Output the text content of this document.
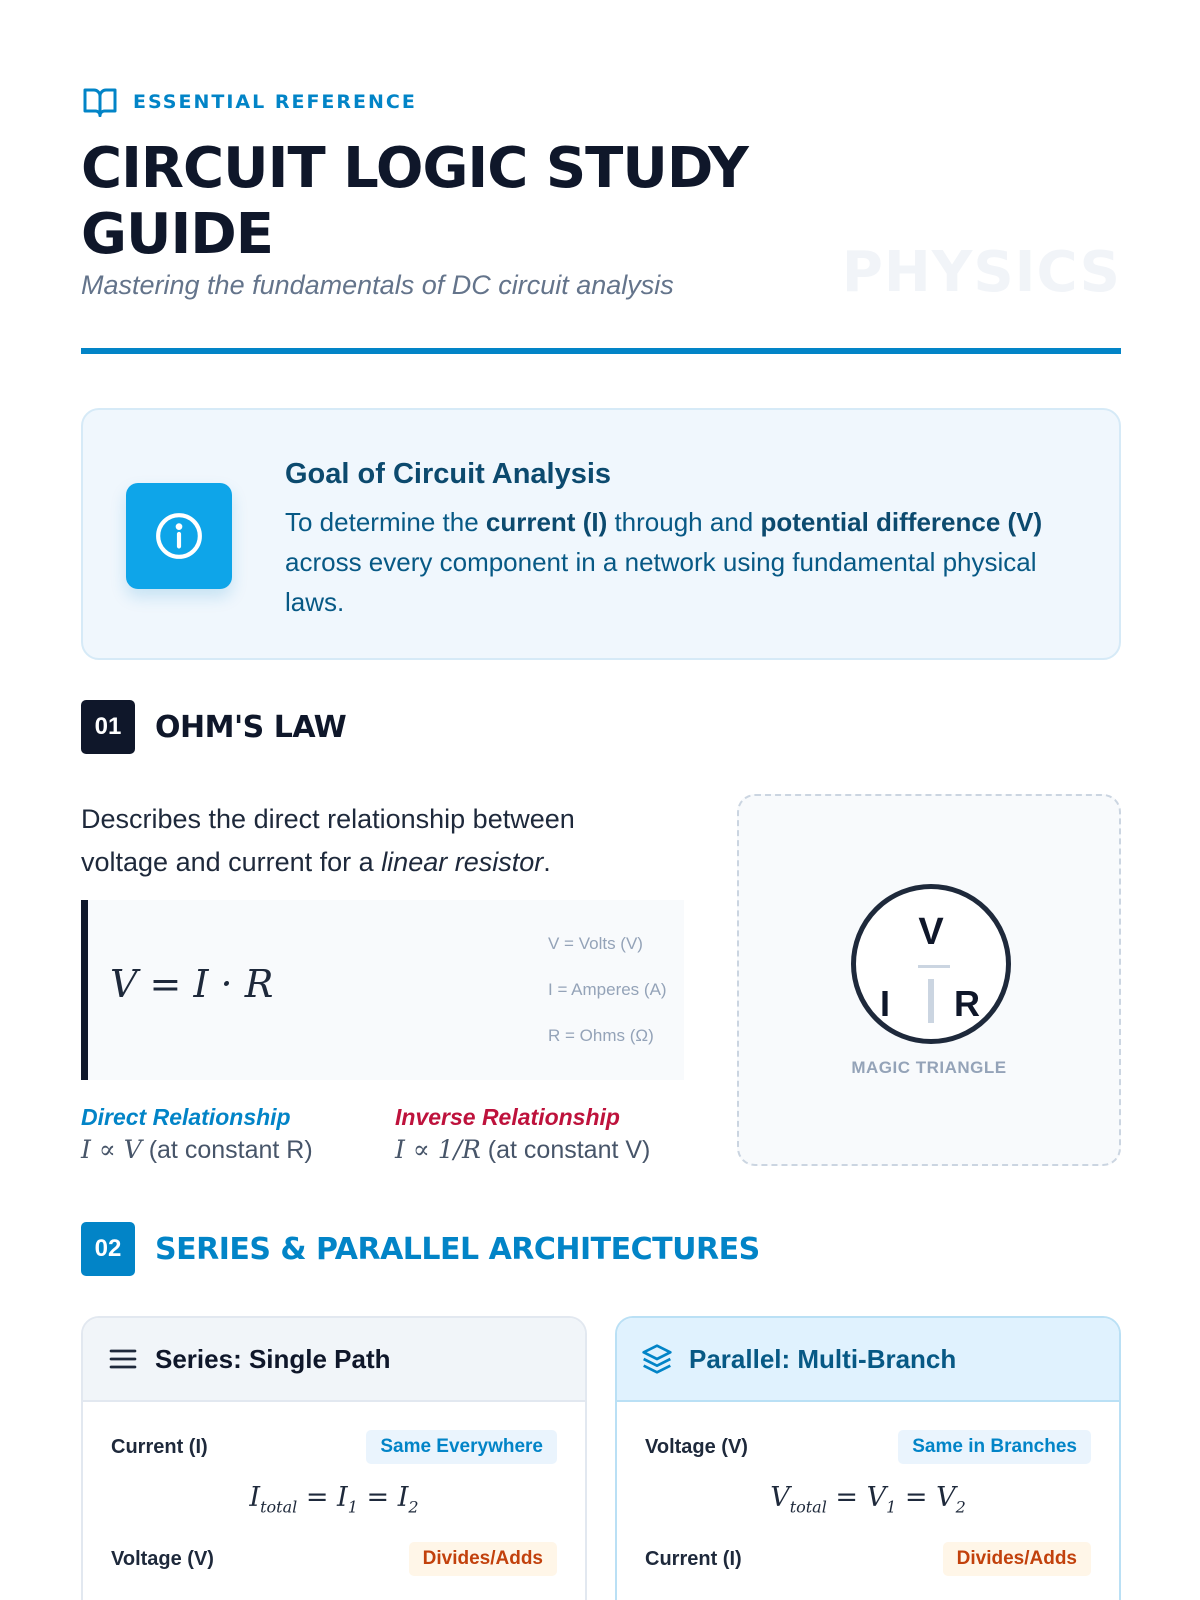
ESSENTIAL REFERENCE
CIRCUIT LOGIC STUDY GUIDE
Mastering the fundamentals of DC circuit analysis	PHYSICS
Goal of Circuit Analysis
To determine the current (I) through and potential difference (V) across every component in a network using fundamental physical laws.
01	OHM'S LAW
Describes the direct relationship between voltage and current for a linear resistor.
V = I · R
V = Volts (V)
I = Amperes (A)
R = Ohms (Ω)
Direct Relationship
I ∝ V (at constant R)
Inverse Relationship
I ∝ 1/R (at constant V)
V
I R
MAGIC TRIANGLE
02	SERIES & PARALLEL ARCHITECTURES
Series: Single Path
Current (I)	Same Everywhere
$I_{total} = I_1 = I_2$
Voltage (V)	Divides/Adds
Parallel: Multi-Branch
Voltage (V)	Same in Branches
$V_{total} = V_1 = V_2$
Current (I)	Divides/Adds
